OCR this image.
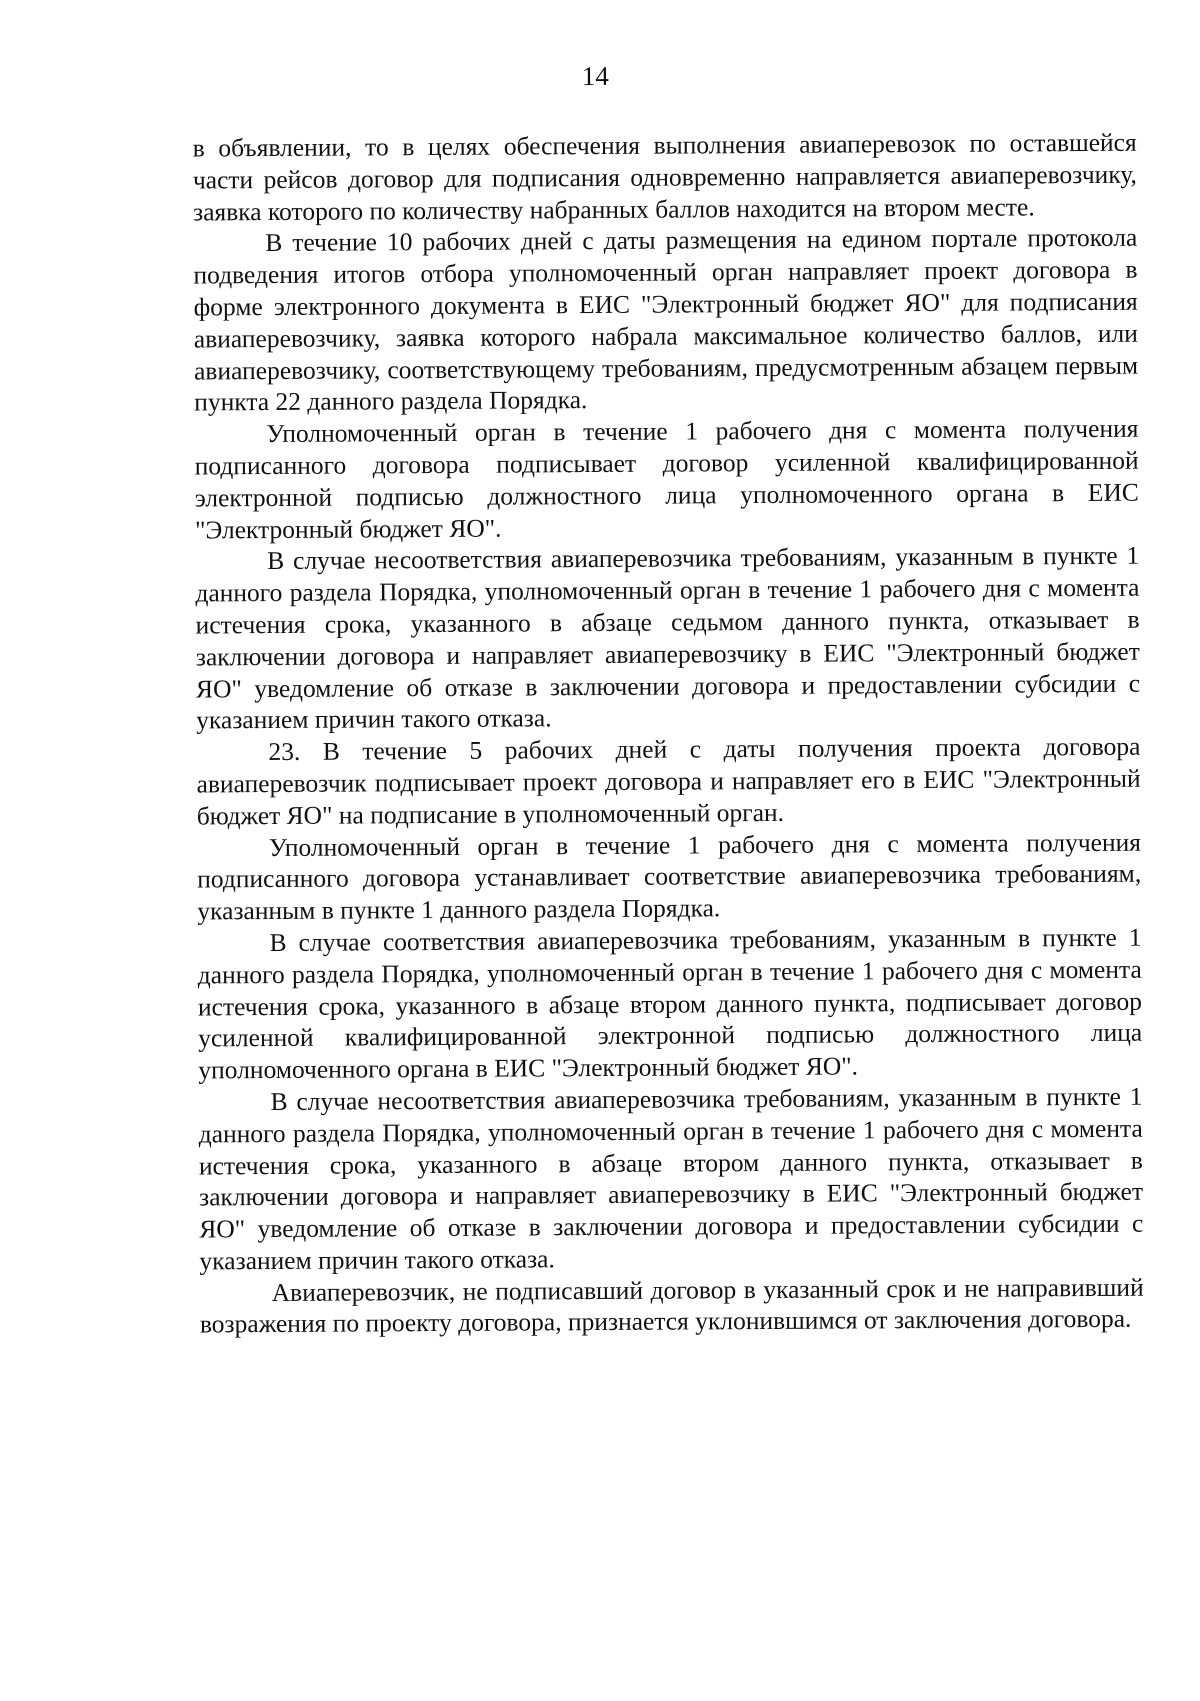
14

в объявлении, то в целях обеспечения выполнения авиаперевозок по оставшейся части рейсов договор для подписания одновременно направляется авиаперевозчику, заявка которого по количеству набранных баллов находится на втором месте.

В течение 10 рабочих дней с даты размещения на едином портале протокола подведения итогов отбора уполномоченный орган направляет проект договора в форме электронного документа в ЕИС "Электронный бюджет ЯО" для подписания авиаперевозчику, заявка которого набрала максимальное количество баллов, или авиаперевозчику, соответствующему требованиям, предусмотренным абзацем первым пункта 22 данного раздела Порядка.

Уполномоченный орган в течение 1 рабочего дня с момента получения подписанного договора подписывает договор усиленной квалифицированной электронной подписью должностного лица уполномоченного органа в ЕИС "Электронный бюджет ЯО".

В случае несоответствия авиаперевозчика требованиям, указанным в пункте 1 данного раздела Порядка, уполномоченный орган в течение 1 рабочего дня с момента истечения срока, указанного в абзаце седьмом данного пункта, отказывает в заключении договора и направляет авиаперевозчику в ЕИС "Электронный бюджет ЯО" уведомление об отказе в заключении договора и предоставлении субсидии с указанием причин такого отказа.

23. В течение 5 рабочих дней с даты получения проекта договора авиаперевозчик подписывает проект договора и направляет его в ЕИС "Электронный бюджет ЯО" на подписание в уполномоченный орган.

Уполномоченный орган в течение 1 рабочего дня с момента получения подписанного договора устанавливает соответствие авиаперевозчика требованиям, указанным в пункте 1 данного раздела Порядка.

В случае соответствия авиаперевозчика требованиям, указанным в пункте 1 данного раздела Порядка, уполномоченный орган в течение 1 рабочего дня с момента истечения срока, указанного в абзаце втором данного пункта, подписывает договор усиленной квалифицированной электронной подписью должностного лица уполномоченного органа в ЕИС "Электронный бюджет ЯО".

В случае несоответствия авиаперевозчика требованиям, указанным в пункте 1 данного раздела Порядка, уполномоченный орган в течение 1 рабочего дня с момента истечения срока, указанного в абзаце втором данного пункта, отказывает в заключении договора и направляет авиаперевозчику в ЕИС "Электронный бюджет ЯО" уведомление об отказе в заключении договора и предоставлении субсидии с указанием причин такого отказа.

Авиаперевозчик, не подписавший договор в указанный срок и не направивший возражения по проекту договора, признается уклонившимся от заключения договора.
